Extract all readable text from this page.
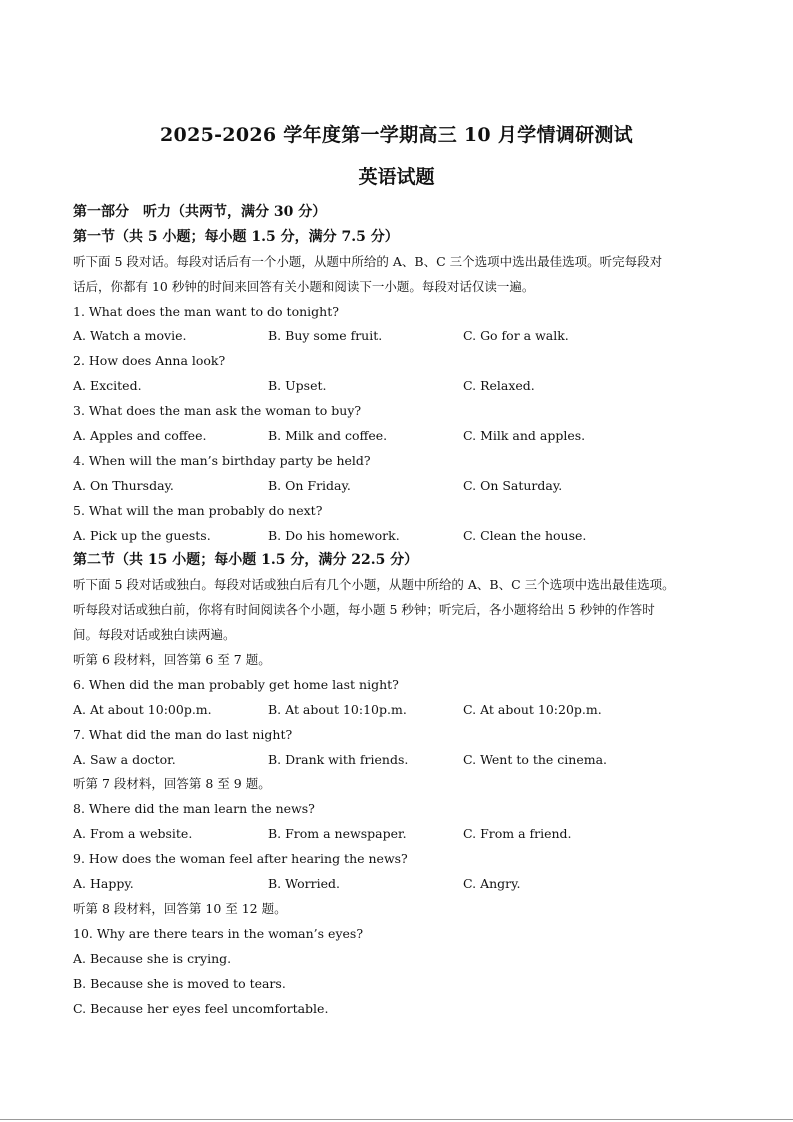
2025-2026 学年度第一学期高三 10 月学情调研测试
英语试题
第一部分　听力（共两节，满分 30 分）
第一节（共 5 小题；每小题 1.5 分，满分 7.5 分）
听下面 5 段对话。每段对话后有一个小题，从题中所给的 A、B、C 三个选项中选出最佳选项。听完每段对
话后，你都有 10 秒钟的时间来回答有关小题和阅读下一小题。每段对话仅读一遍。
1. What does the man want to do tonight?
A. Watch a movie.	B. Buy some fruit.	C. Go for a walk.
2. How does Anna look?
A. Excited.	B. Upset.	C. Relaxed.
3. What does the man ask the woman to buy?
A. Apples and coffee.	B. Milk and coffee.	C. Milk and apples.
4. When will the man’s birthday party be held?
A. On Thursday.	B. On Friday.	C. On Saturday.
5. What will the man probably do next?
A. Pick up the guests.	B. Do his homework.	C. Clean the house.
第二节（共 15 小题；每小题 1.5 分，满分 22.5 分）
听下面 5 段对话或独白。每段对话或独白后有几个小题，从题中所给的 A、B、C 三个选项中选出最佳选项。
听每段对话或独白前，你将有时间阅读各个小题，每小题 5 秒钟；听完后，各小题将给出 5 秒钟的作答时
间。每段对话或独白读两遍。
听第 6 段材料，回答第 6 至 7 题。
6. When did the man probably get home last night?
A. At about 10:00p.m.	B. At about 10:10p.m.	C. At about 10:20p.m.
7. What did the man do last night?
A. Saw a doctor.	B. Drank with friends.	C. Went to the cinema.
听第 7 段材料，回答第 8 至 9 题。
8. Where did the man learn the news?
A. From a website.	B. From a newspaper.	C. From a friend.
9. How does the woman feel after hearing the news?
A. Happy.	B. Worried.	C. Angry.
听第 8 段材料，回答第 10 至 12 题。
10. Why are there tears in the woman’s eyes?
A. Because she is crying.
B. Because she is moved to tears.
C. Because her eyes feel uncomfortable.
